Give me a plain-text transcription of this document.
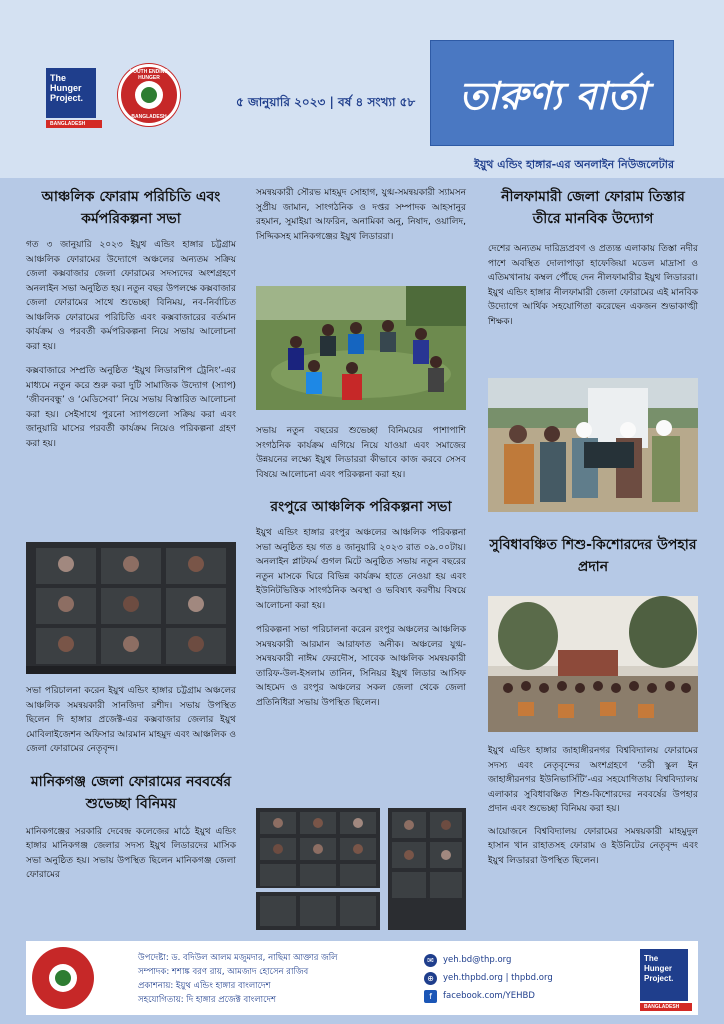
The
Hunger
Project.
BANGLADESH
YOUTH ENDING HUNGER
BANGLADESH
৫ জানুয়ারি ২০২৩ | বর্ষ ৪ সংখ্যা ৫৮	তারুণ্য বার্তা
ইয়ুথ এন্ডিং হাঙ্গার-এর অনলাইন নিউজলেটার
আঞ্চলিক ফোরাম পরিচিতি এবং কর্মপরিকল্পনা সভা

গত ৩ জানুয়ারি ২০২৩ ইয়ুথ এন্ডিং হাঙ্গার চট্টগ্রাম আঞ্চলিক ফোরামের উদ্যোগে অঞ্চলের অন্যতম সক্রিয় জেলা কক্সবাজার জেলা ফোরামের সদস্যদের অংশগ্রহণে অনলাইন সভা অনুষ্ঠিত হয়। নতুন বছর উপলক্ষে কক্সবাজার জেলা ফোরামের সাথে শুভেচ্ছা বিনিময়, নব-নির্বাচিত আঞ্চলিক ফোরামের পরিচিতি এবং কক্সবাজারের বর্তমান কার্যক্রম ও পরবর্তী কর্মপরিকল্পনা নিয়ে সভায় আলোচনা করা হয়।

কক্সবাজারে সম্প্রতি অনুষ্ঠিত ‘ইয়ুথ লিডারশিপ ট্রেনিং’-এর মাধ্যমে নতুন করে শুরু করা দুটি সামাজিক উদ্যোগ (স্যাপ) ‘জীবনবন্ধু’ ও ‘মেডিসেবা’ নিয়ে সভায় বিস্তারিত আলোচনা করা হয়। সেইসাথে পুরনো স্যাপগুলো সক্রিয় করা এবং জানুয়ারি মাসের পরবর্তী কার্যক্রম নিয়েও পরিকল্পনা গ্রহণ করা হয়।

সভা পরিচালনা করেন ইয়ুথ এন্ডিং হাঙ্গার চট্টগ্রাম অঞ্চলের আঞ্চলিক সমন্বয়কারী সানজিদা রশীদ। সভায় উপস্থিত ছিলেন দি হাঙ্গার প্রজেক্ট-এর কক্সবাজার জেলার ইয়ুথ মোবিলাইজেশন অফিসার আরমান মাহমুদ এবং আঞ্চলিক ও জেলা ফোরামের নেতৃবৃন্দ।

মানিকগঞ্জ জেলা ফোরামের নববর্ষের শুভেচ্ছা বিনিময়

মানিকগঞ্জের সরকারি দেবেন্দ্র কলেজের মাঠে ইয়ুথ এন্ডিং হাঙ্গার মানিকগঞ্জ জেলার সদস্য ইয়ুথ লিডারদের মাসিক সভা অনুষ্ঠিত হয়। সভায় উপস্থিত ছিলেন মানিকগঞ্জ জেলা ফোরামের

সমন্বয়কারী সৌরভ মাহমুদ সোহাগ, যুগ্ম-সমন্বয়কারী স্যামসন সুপ্রীয় জামান, সাংগঠনিক ও দপ্তর সম্পাদক আহসানুর রহমান, সুমাইয়া আফরিন, অনামিকা অনু, নিষাদ, ওয়ালিদ, সিদ্দিকসহ মানিকগঞ্জের ইয়ুথ লিডাররা।

সভায় নতুন বছরের শুভেচ্ছা বিনিময়ের পাশাপাশি সংগঠনিক কার্যক্রম এগিয়ে নিয়ে যাওয়া এবং সমাজের উন্নয়নের লক্ষ্যে ইয়ুথ লিডাররা কীভাবে কাজ করবে সেসব বিষয়ে আলোচনা এবং পরিকল্পনা করা হয়।

রংপুরে আঞ্চলিক পরিকল্পনা সভা

ইয়ুথ এন্ডিং হাঙ্গার রংপুর অঞ্চলের আঞ্চলিক পরিকল্পনা সভা অনুষ্ঠিত হয় গত ৪ জানুয়ারি ২০২৩ রাত ০৯.০০টায়। অনলাইন প্লাটফর্ম গুগল মিটে অনুষ্ঠিত সভায় নতুন বছরের নতুন মাসকে ঘিরে বিভিন্ন কার্যক্রম হাতে নেওয়া হয় এবং ইউনিটভিত্তিক সাংগঠনিক অবস্থা ও ভবিষ্যৎ করণীয় বিষয়ে আলোচনা করা হয়।

পরিকল্পনা সভা পরিচালনা করেন রংপুর অঞ্চলের আঞ্চলিক সমন্বয়কারী আরমান আরাফাত অনীক। অঞ্চলের যুগ্ম-সমন্বয়কারী নাঈম ফেরদৌস, সাবেক আঞ্চলিক সমন্বয়কারী তারিফ-উল-ইসলাম তানিন, সিনিয়র ইয়ুথ লিডার আসিফ আহমেদ ও রংপুর অঞ্চলের সকল জেলা থেকে জেলা প্রতিনিধিরা সভায় উপস্থিত ছিলেন।

নীলফামারী জেলা ফোরাম তিস্তার তীরে মানবিক উদ্যোগ

দেশের অন্যতম দারিদ্র্যপ্রবণ ও প্রত্যন্ত এলাকায় তিস্তা নদীর পাশে অবস্থিত দোলাপাড়া হাফেজিয়া মডেল মাদ্রাসা ও এতিমখানায় কম্বল পৌঁছে দেন নীলফামারীর ইয়ুথ লিডাররা। ইয়ুথ এন্ডিং হাঙ্গার নীলফামারী জেলা ফোরামের এই মানবিক উদ্যোগে আর্থিক সহযোগিতা করেছেন একজন শুভাকাঙ্খী শিক্ষক।

সুবিধাবঞ্চিত শিশু-কিশোরদের উপহার প্রদান

ইয়ুথ এন্ডিং হাঙ্গার জাহাঙ্গীরনগর বিশ্ববিদ্যালয় ফোরামের সদস্য এবং নেতৃবৃন্দের অংশগ্রহণে ‘তরী স্কুল ইন জাহাঙ্গীরনগর ইউনিভার্সিটি’-এর সহযোগিতায় বিশ্ববিদ্যালয় এলাকার সুবিধাবঞ্চিত শিশু-কিশোরদের নববর্ষের উপহার প্রদান এবং শুভেচ্ছা বিনিময় করা হয়।

আয়োজনে বিশ্ববিদ্যালয় ফোরামের সমন্বয়কারী মাহমুদুল হাসান খান রাহাতসহ ফোরাম ও ইউনিটের নেতৃবৃন্দ এবং ইয়ুথ লিডাররা উপস্থিত ছিলেন।

উপদেষ্টা: ড. বদিউল আলম মজুমদার, নাছিমা আক্তার জলি
সম্পাদক: শশাঙ্ক বরণ রায়, আমজাদ হোসেন রাজিব
প্রকাশনায়: ইয়ুথ এন্ডিং হাঙ্গার বাংলাদেশ
সহযোগিতায়: দি হাঙ্গার প্রজেক্ট বাংলাদেশ
✉	yeh.bd@thp.org
⊕	yeh.thpbd.org | thpbd.org
f	facebook.com/YEHBD
The
Hunger
Project.
BANGLADESH
